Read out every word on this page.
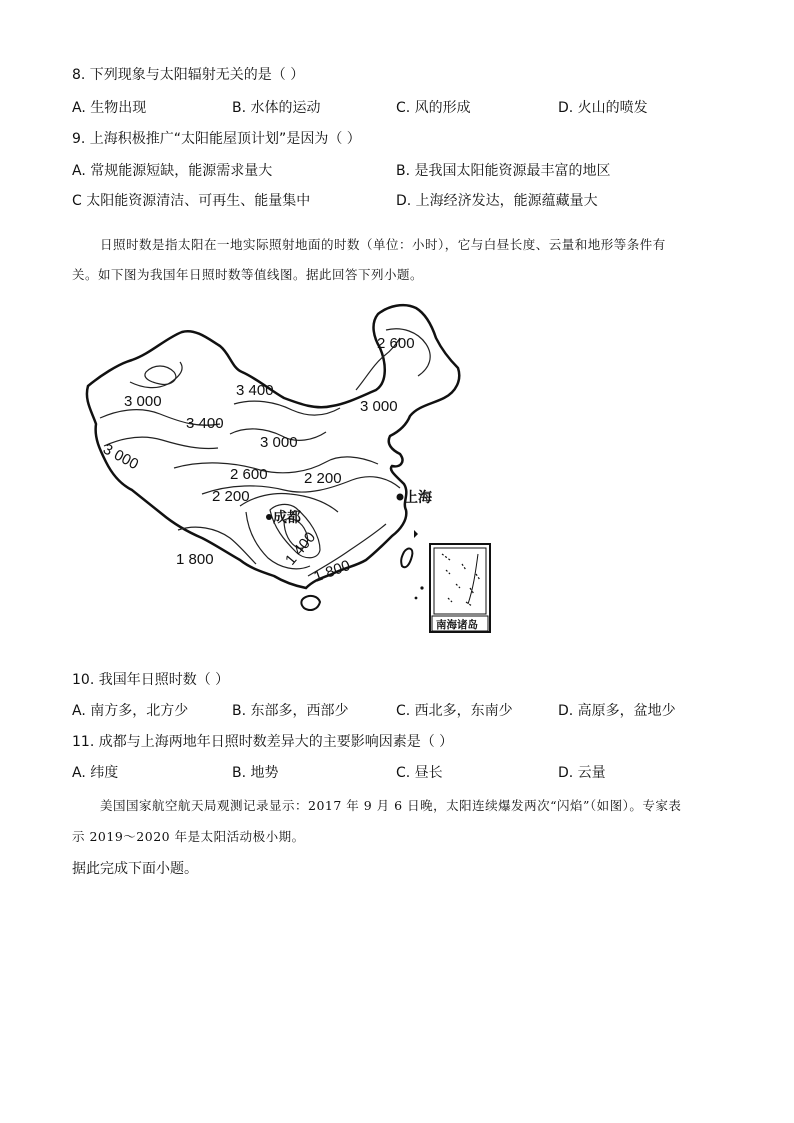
8. 下列现象与太阳辐射无关的是（ ）
A. 生物出现	B. 水体的运动	C. 风的形成	D. 火山的喷发
9. 上海积极推广“太阳能屋顶计划”是因为（ ）
A. 常规能源短缺，能源需求量大	B. 是我国太阳能资源最丰富的地区
C 太阳能资源清洁、可再生、能量集中	D. 上海经济发达，能源蕴藏量大
日照时数是指太阳在一地实际照射地面的时数（单位：小时），它与白昼长度、云量和地形等条件有
关。如下图为我国年日照时数等值线图。据此回答下列小题。
2 600
3 400
3 000	3 000
3 400
3 000
3 000
2 600 2 200
2 200
1 800	1 400
1 800
上海
成都
南海诸岛
10. 我国年日照时数（ ）
A. 南方多，北方少	B. 东部多，西部少	C. 西北多，东南少	D. 高原多，盆地少
11. 成都与上海两地年日照时数差异大的主要影响因素是（ ）
A. 纬度	B. 地势	C. 昼长	D. 云量
美国国家航空航天局观测记录显示：2017 年 9 月 6 日晚，太阳连续爆发两次“闪焰”（如图）。专家表
示 2019～2020 年是太阳活动极小期。
据此完成下面小题。
